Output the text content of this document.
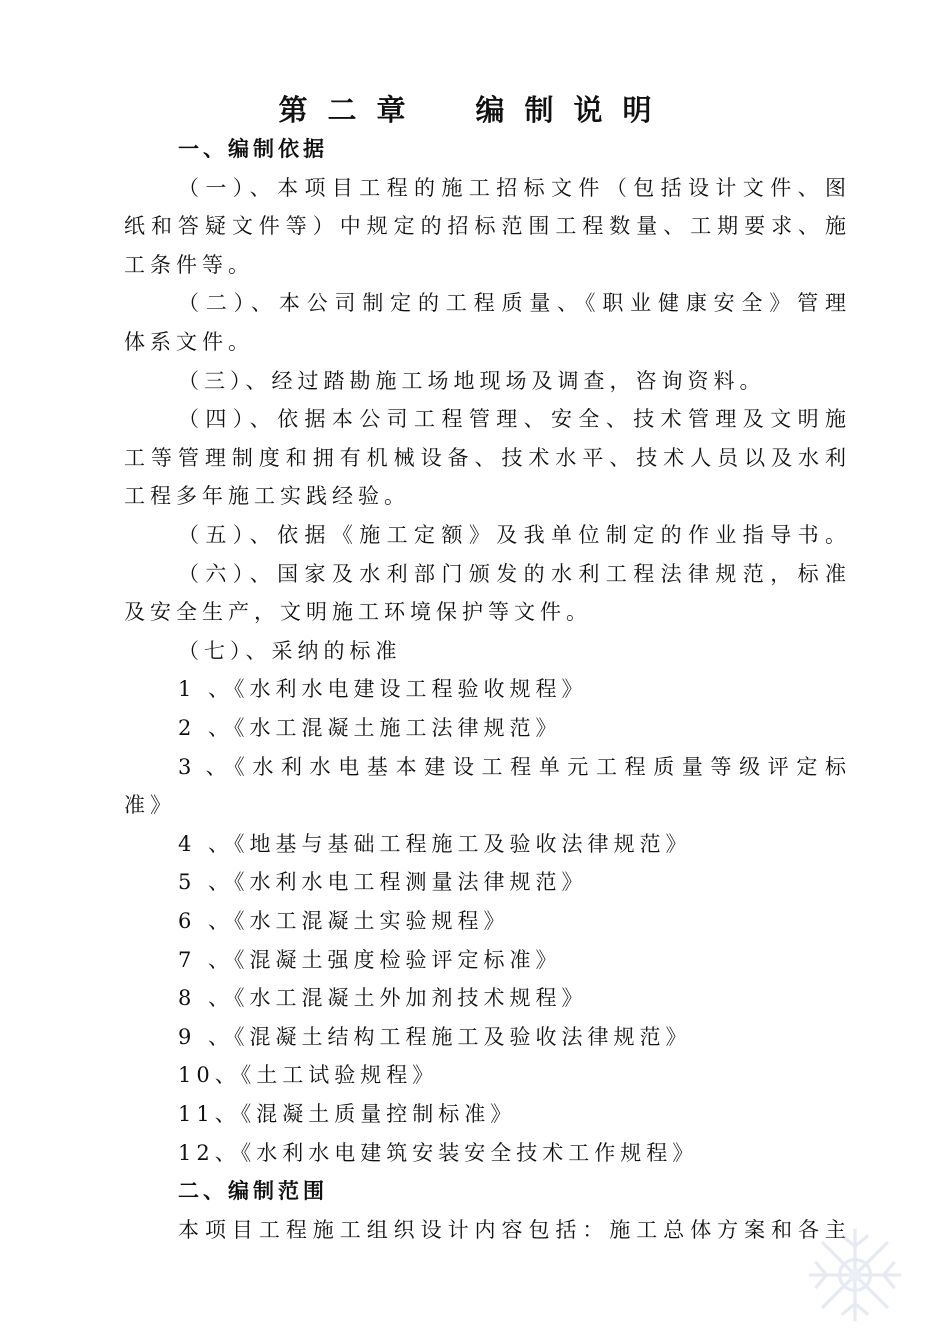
第二章 编制说明
一、编制依据
（一）、本项目工程的施工招标文件（包括设计文件、图
纸和答疑文件等）中规定的招标范围工程数量、工期要求、施
工条件等。
（二）、本公司制定的工程质量、《职业健康安全》管理
体系文件。
（三）、经过踏勘施工场地现场及调查，咨询资料。
（四）、依据本公司工程管理、安全、技术管理及文明施
工等管理制度和拥有机械设备、技术水平、技术人员以及水利
工程多年施工实践经验。
（五）、依据《施工定额》及我单位制定的作业指导书。
（六）、国家及水利部门颁发的水利工程法律规范，标准
及安全生产，文明施工环境保护等文件。
（七）、采纳的标准
1 、《水利水电建设工程验收规程》
2 、《水工混凝土施工法律规范》
3 、《水利水电基本建设工程单元工程质量等级评定标
准》
4 、《地基与基础工程施工及验收法律规范》
5 、《水利水电工程测量法律规范》
6 、《水工混凝土实验规程》
7 、《混凝土强度检验评定标准》
8 、《水工混凝土外加剂技术规程》
9 、《混凝土结构工程施工及验收法律规范》
10、《土工试验规程》
11、《混凝土质量控制标准》
12、《水利水电建筑安装安全技术工作规程》
二、编制范围
本项目工程施工组织设计内容包括：施工总体方案和各主
